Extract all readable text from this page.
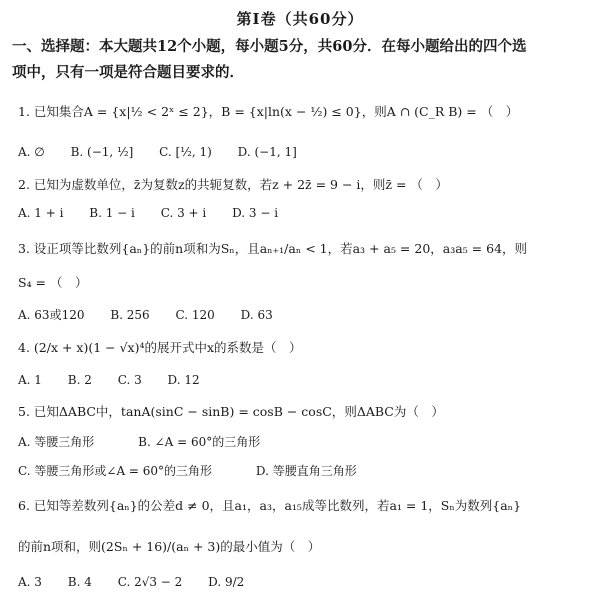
第Ⅰ卷（共60分）
一、选择题：本大题共12个小题，每小题5分，共60分．在每小题给出的四个选
项中，只有一项是符合题目要求的．
1. 已知集合A = {x|½ < 2ˣ ≤ 2}，B = {x|ln(x − ½) ≤ 0}，则A ∩ (C_R B) = （　）
A. ∅ B. (−1, ½] C. [½, 1) D. (−1, 1]
2. 已知为虚数单位，z̄为复数z的共轭复数，若z + 2z̄ = 9 − i，则z̄ = （　）
A. 1 + i B. 1 − i C. 3 + i D. 3 − i
3. 设正项等比数列{aₙ}的前n项和为Sₙ，且aₙ₊₁/aₙ < 1，若a₃ + a₅ = 20，a₃a₅ = 64，则
S₄ = （　）
A. 63或120 B. 256 C. 120 D. 63
4. (2/x + x)(1 − √x)⁴的展开式中x的系数是（　）
A. 1 B. 2 C. 3 D. 12
5. 已知ΔABC中，tanA(sinC − sinB) = cosB − cosC，则ΔABC为（　）
A. 等腰三角形	B. ∠A = 60°的三角形
C. 等腰三角形或∠A = 60°的三角形	D. 等腰直角三角形
6. 已知等差数列{aₙ}的公差d ≠ 0，且a₁，a₃，a₁₅成等比数列，若a₁ = 1，Sₙ为数列{aₙ}
的前n项和，则(2Sₙ + 16)/(aₙ + 3)的最小值为（　）
A. 3 B. 4 C. 2√3 − 2 D. 9/2
